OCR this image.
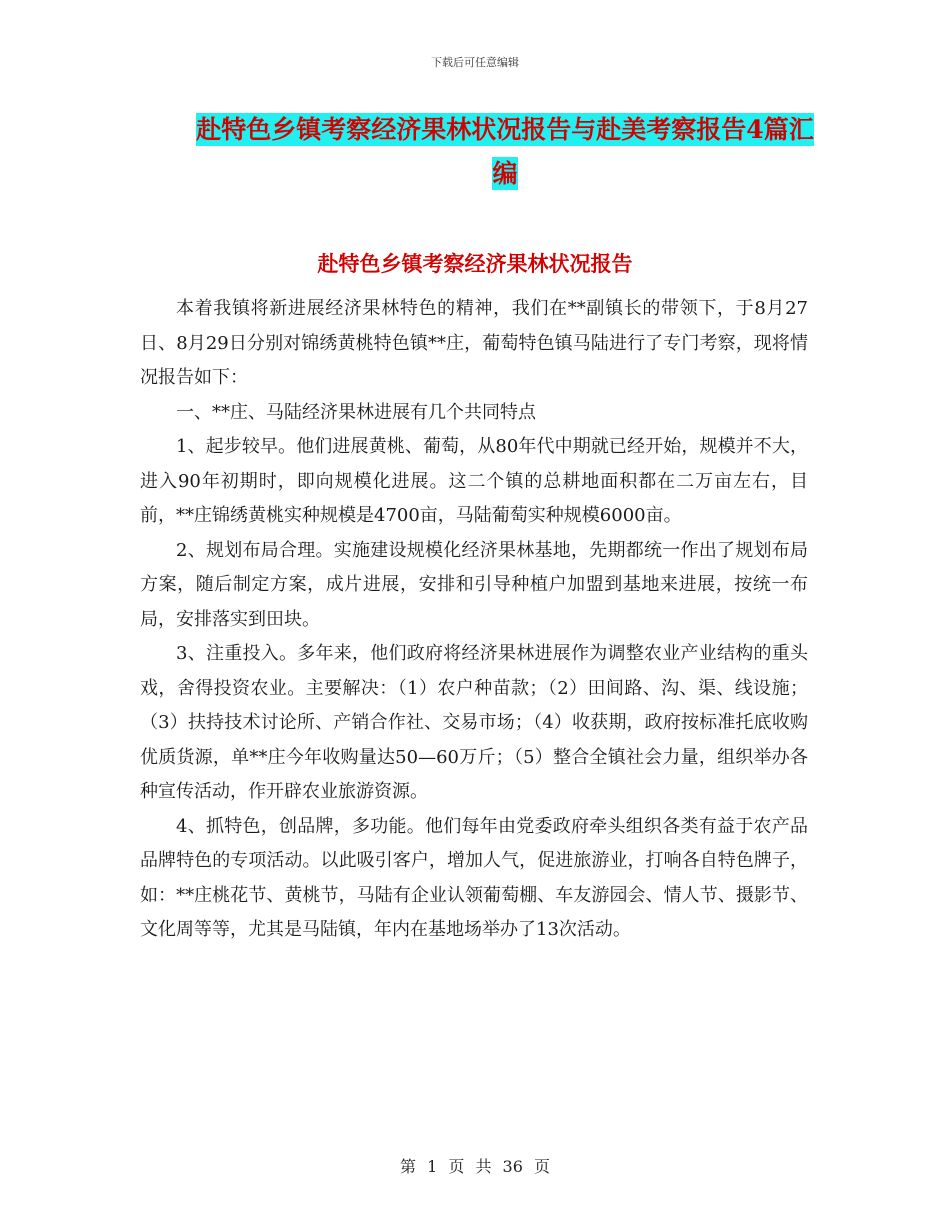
下载后可任意编辑
赴特色乡镇考察经济果林状况报告与赴美考察报告4篇汇编
赴特色乡镇考察经济果林状况报告

本着我镇将新进展经济果林特色的精神，我们在**副镇长的带领下，于8月27日、8月29日分别对锦绣黄桃特色镇**庄，葡萄特色镇马陆进行了专门考察，现将情况报告如下：

一、**庄、马陆经济果林进展有几个共同特点

1、起步较早。他们进展黄桃、葡萄，从80年代中期就已经开始，规模并不大，进入90年初期时，即向规模化进展。这二个镇的总耕地面积都在二万亩左右，目前，**庄锦绣黄桃实种规模是4700亩，马陆葡萄实种规模6000亩。

2、规划布局合理。实施建设规模化经济果林基地，先期都统一作出了规划布局方案，随后制定方案，成片进展，安排和引导种植户加盟到基地来进展，按统一布局，安排落实到田块。

3、注重投入。多年来，他们政府将经济果林进展作为调整农业产业结构的重头戏，舍得投资农业。主要解决：（1）农户种苗款；（2）田间路、沟、渠、线设施；（3）扶持技术讨论所、产销合作社、交易市场；（4）收获期，政府按标准托底收购优质货源，单**庄今年收购量达50—60万斤；（5）整合全镇社会力量，组织举办各种宣传活动，作开辟农业旅游资源。

4、抓特色，创品牌，多功能。他们每年由党委政府牵头组织各类有益于农产品品牌特色的专项活动。以此吸引客户，增加人气，促进旅游业，打响各自特色牌子，如：**庄桃花节、黄桃节，马陆有企业认领葡萄棚、车友游园会、情人节、摄影节、文化周等等，尤其是马陆镇，年内在基地场举办了13次活动。

第 1 页 共 36 页
